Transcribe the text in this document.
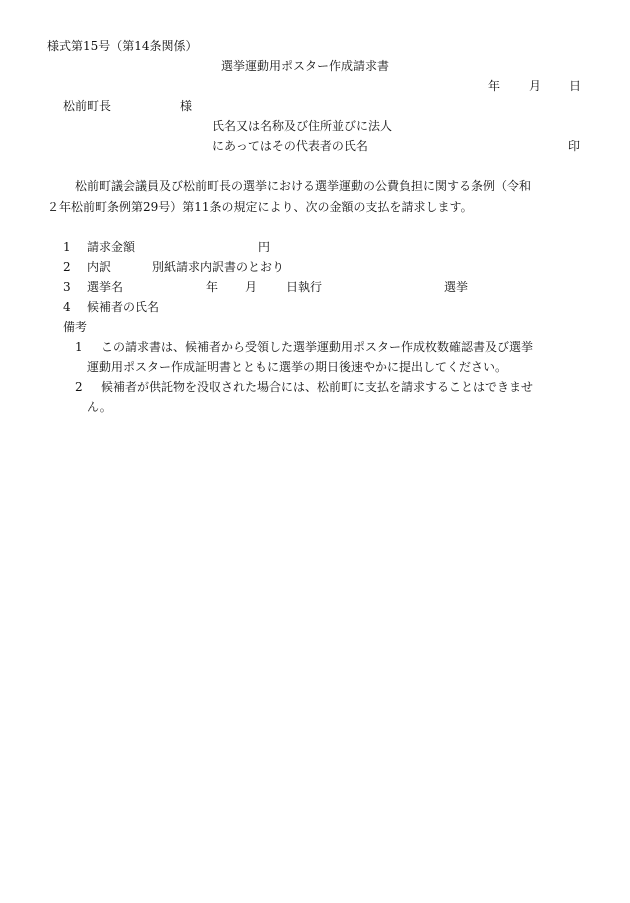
様式第15号（第14条関係）
選挙運動用ポスター作成請求書
年 月 日
松前町長	様
氏名又は名称及び住所並びに法人
にあってはその代表者の氏名	印
松前町議会議員及び松前町長の選挙における選挙運動の公費負担に関する条例（令和
２年松前町条例第29号）第11条の規定により、次の金額の支払を請求します。
1 請求金額	円
2 内訳	別紙請求内訳書のとおり
3 選挙名	年 月 日執行	選挙
4 候補者の氏名
備考
1 この請求書は、候補者から受領した選挙運動用ポスター作成枚数確認書及び選挙
運動用ポスター作成証明書とともに選挙の期日後速やかに提出してください。
2 候補者が供託物を没収された場合には、松前町に支払を請求することはできませ
ん。
